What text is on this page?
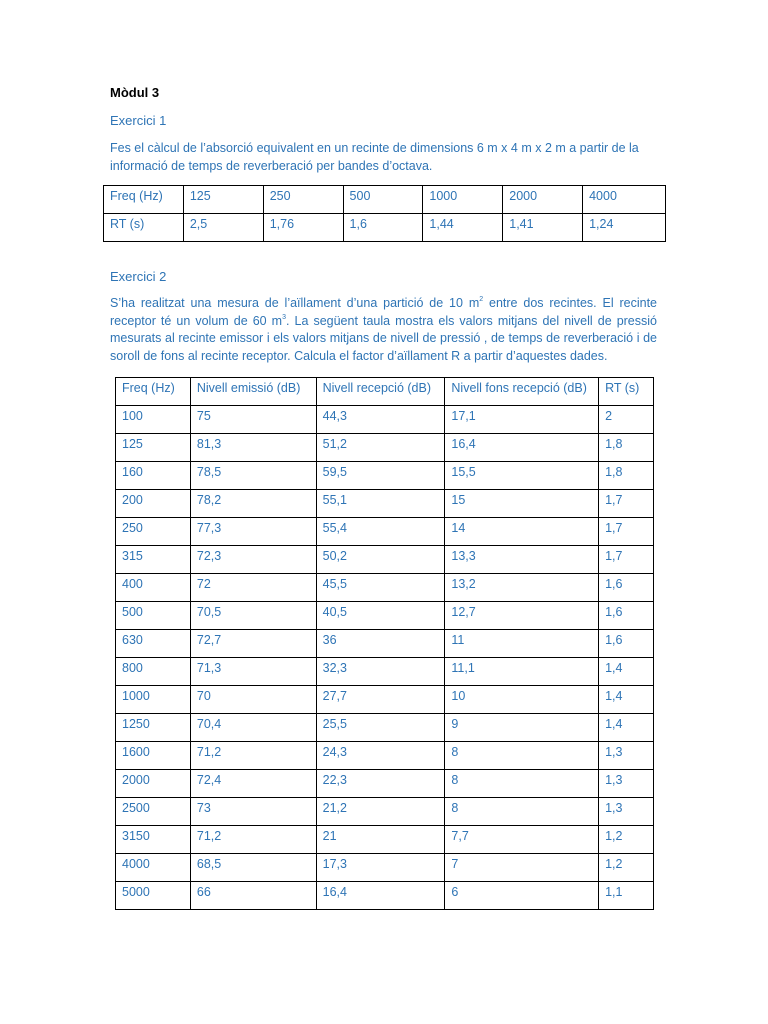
Mòdul 3
Exercici 1
Fes el càlcul de l’absorció equivalent en un recinte de dimensions 6 m x 4 m x 2 m a partir de la
informació de temps de reverberació per bandes d’octava.
Freq (Hz)	125	250	500	1000	2000	4000
RT (s)	2,5	1,76	1,6	1,44	1,41	1,24
Exercici 2

S’ha realitzat una mesura de l’aïllament d’una partició de 10 $m^2$ entre dos recintes. El recinte receptor té un volum de 60 $m^3$. La següent taula mostra els valors mitjans del nivell de pressió mesurats al recinte emissor i els valors mitjans de nivell de pressió , de temps de reverberació i de soroll de fons al recinte receptor. Calcula el factor d’aïllament R a partir d’aquestes dades.

Freq (Hz)	Nivell emissió (dB)	Nivell recepció (dB)	Nivell fons recepció (dB)	RT (s)
100	75	44,3	17,1	2
125	81,3	51,2	16,4	1,8
160	78,5	59,5	15,5	1,8
200	78,2	55,1	15	1,7
250	77,3	55,4	14	1,7
315	72,3	50,2	13,3	1,7
400	72	45,5	13,2	1,6
500	70,5	40,5	12,7	1,6
630	72,7	36	11	1,6
800	71,3	32,3	11,1	1,4
1000	70	27,7	10	1,4
1250	70,4	25,5	9	1,4
1600	71,2	24,3	8	1,3
2000	72,4	22,3	8	1,3
2500	73	21,2	8	1,3
3150	71,2	21	7,7	1,2
4000	68,5	17,3	7	1,2
5000	66	16,4	6	1,1
